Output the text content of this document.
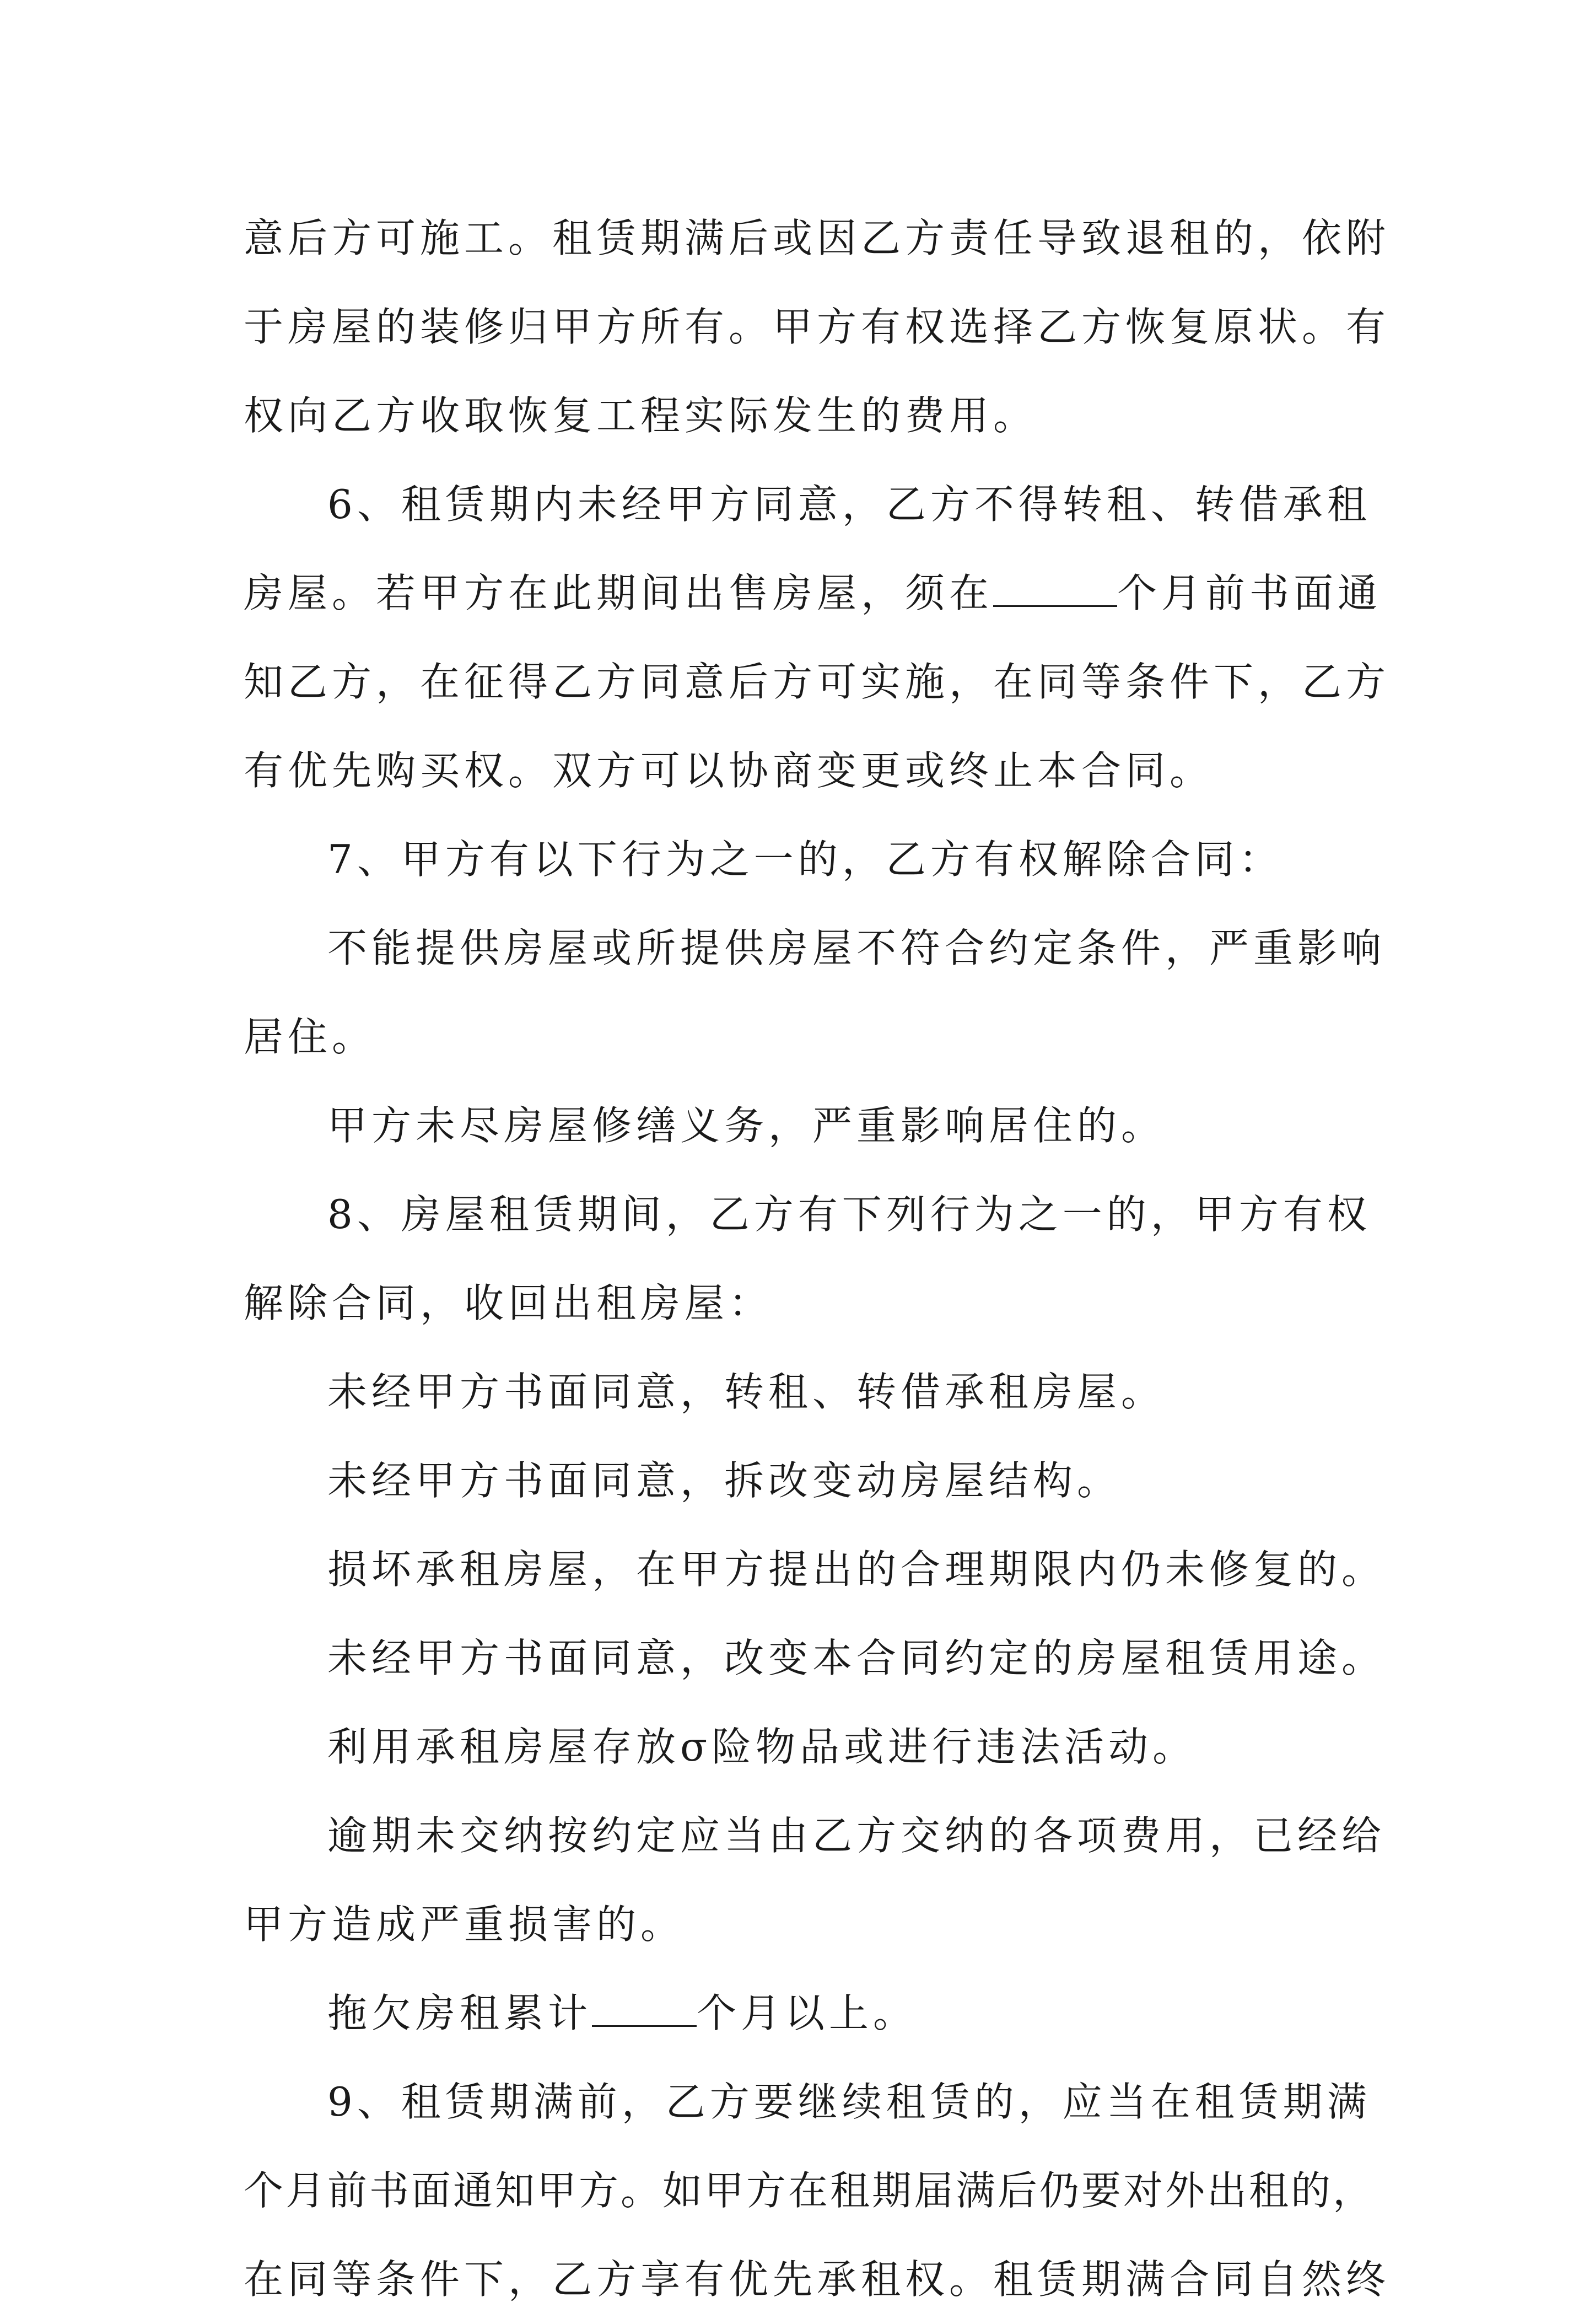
意后方可施工。租赁期满后或因乙方责任导致退租的，依附
于房屋的装修归甲方所有。甲方有权选择乙方恢复原状。有
权向乙方收取恢复工程实际发生的费用。
6、租赁期内未经甲方同意，乙方不得转租、转借承租
房屋。若甲方在此期间出售房屋，须在	个月前书面通
知乙方，在征得乙方同意后方可实施，在同等条件下，乙方
有优先购买权。双方可以协商变更或终止本合同。
7、甲方有以下行为之一的，乙方有权解除合同：
不能提供房屋或所提供房屋不符合约定条件，严重影响
居住。
甲方未尽房屋修缮义务，严重影响居住的。
8、房屋租赁期间，乙方有下列行为之一的，甲方有权
解除合同，收回出租房屋：
未经甲方书面同意，转租、转借承租房屋。
未经甲方书面同意，拆改变动房屋结构。
损坏承租房屋，在甲方提出的合理期限内仍未修复的。
未经甲方书面同意，改变本合同约定的房屋租赁用途。
利用承租房屋存放σ险物品或进行违法活动。
逾期未交纳按约定应当由乙方交纳的各项费用，已经给
甲方造成严重损害的。
拖欠房租累计	个月以上。
9、租赁期满前，乙方要继续租赁的，应当在租赁期满
个月前书面通知甲方。如甲方在租期届满后仍要对外出租的，
在同等条件下，乙方享有优先承租权。租赁期满合同自然终
